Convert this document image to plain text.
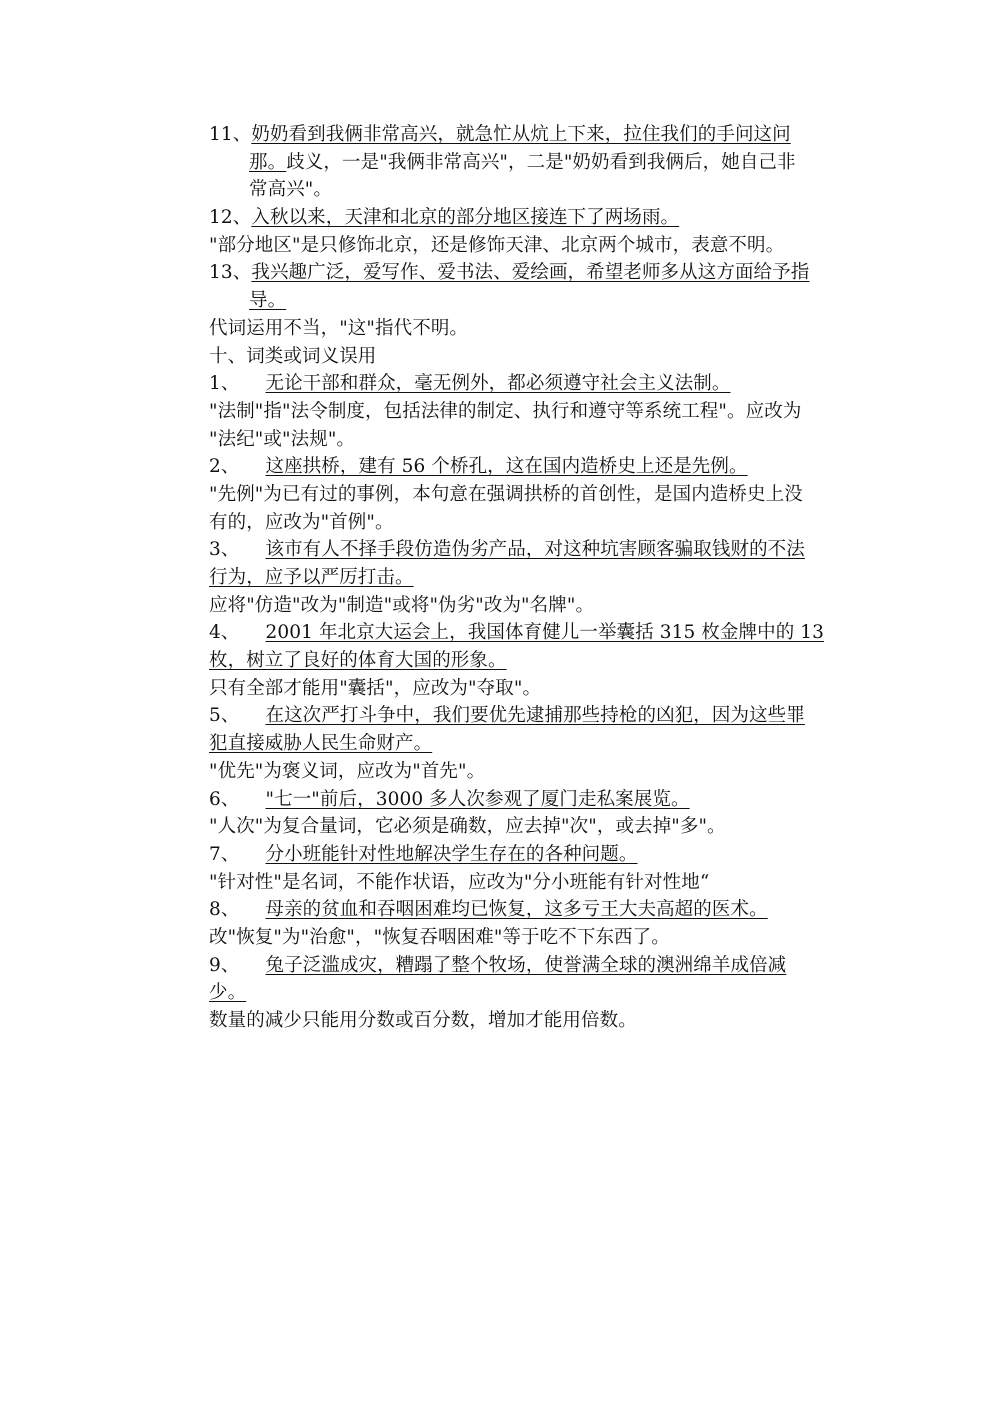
11、奶奶看到我俩非常高兴，就急忙从炕上下来，拉住我们的手问这问
那。歧义，一是"我俩非常高兴"，二是"奶奶看到我俩后，她自己非
常高兴"。
12、入秋以来，天津和北京的部分地区接连下了两场雨。
"部分地区"是只修饰北京，还是修饰天津、北京两个城市，表意不明。
13、我兴趣广泛，爱写作、爱书法、爱绘画，希望老师多从这方面给予指
导。
代词运用不当，"这"指代不明。
十、词类或词义误用
1、 无论干部和群众，毫无例外，都必须遵守社会主义法制。
"法制"指"法令制度，包括法律的制定、执行和遵守等系统工程"。应改为
"法纪"或"法规"。
2、 这座拱桥，建有 56 个桥孔，这在国内造桥史上还是先例。
"先例"为已有过的事例，本句意在强调拱桥的首创性，是国内造桥史上没
有的，应改为"首例"。
3、 该市有人不择手段仿造伪劣产品，对这种坑害顾客骗取钱财的不法
行为，应予以严厉打击。
应将"仿造"改为"制造"或将"伪劣"改为"名牌"。
4、 2001 年北京大运会上，我国体育健儿一举囊括 315 枚金牌中的 13
枚，树立了良好的体育大国的形象。
只有全部才能用"囊括"，应改为"夺取"。
5、 在这次严打斗争中，我们要优先逮捕那些持枪的凶犯，因为这些罪
犯直接威胁人民生命财产。
"优先"为褒义词，应改为"首先"。
6、 "七一"前后，3000 多人次参观了厦门走私案展览。
"人次"为复合量词，它必须是确数，应去掉"次"，或去掉"多"。
7、 分小班能针对性地解决学生存在的各种问题。
"针对性"是名词，不能作状语，应改为"分小班能有针对性地“
8、 母亲的贫血和吞咽困难均已恢复，这多亏王大夫高超的医术。
改"恢复"为"治愈"，"恢复吞咽困难"等于吃不下东西了。
9、 兔子泛滥成灾，糟蹋了整个牧场，使誉满全球的澳洲绵羊成倍减
少。
数量的减少只能用分数或百分数，增加才能用倍数。
